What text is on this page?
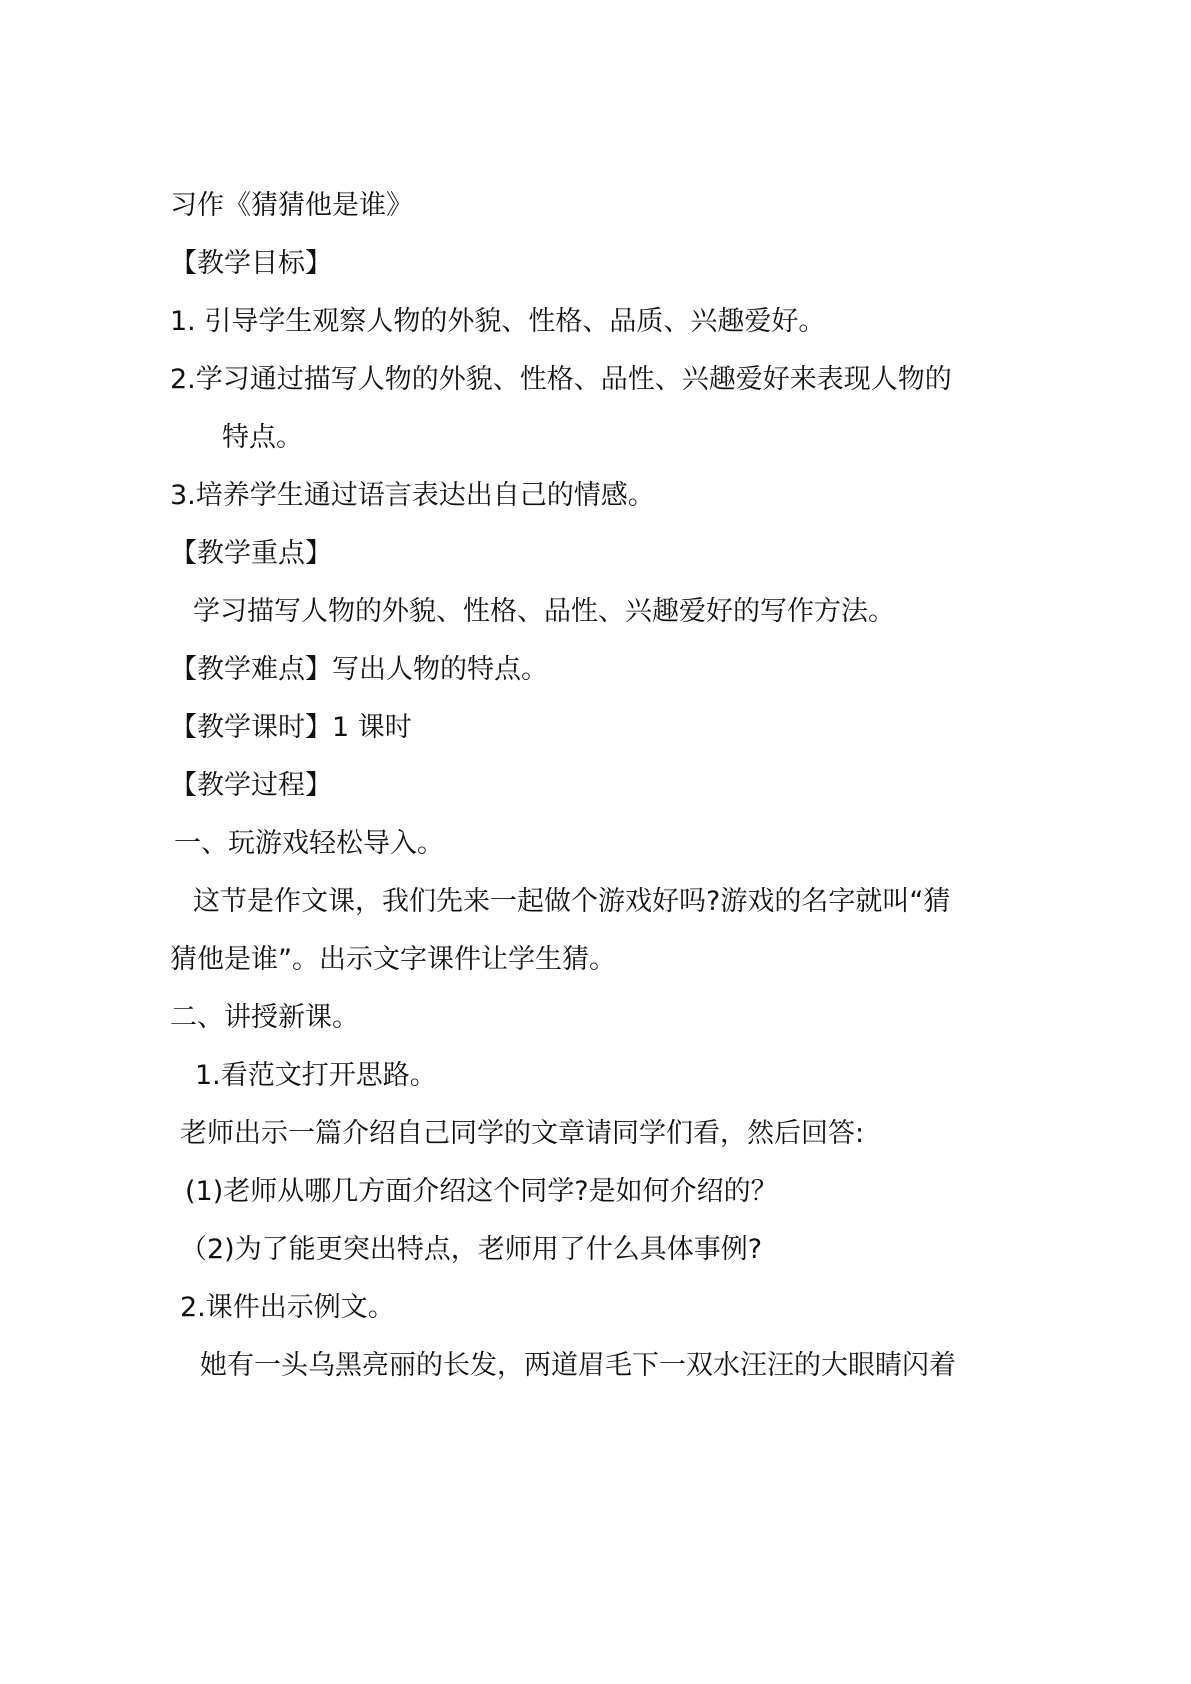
习作《猜猜他是谁》

【教学目标】

1. 引导学生观察人物的外貌、性格、品质、兴趣爱好。

2.学习通过描写人物的外貌、性格、品性、兴趣爱好来表现人物的

特点。

3.培养学生通过语言表达出自己的情感。

【教学重点】

学习描写人物的外貌、性格、品性、兴趣爱好的写作方法。

【教学难点】写出人物的特点。

【教学课时】1 课时

【教学过程】

一、玩游戏轻松导入。

这节是作文课，我们先来一起做个游戏好吗?游戏的名字就叫“猜

猜他是谁”。出示文字课件让学生猜。

二、讲授新课。

1.看范文打开思路。

老师出示一篇介绍自己同学的文章请同学们看，然后回答:

(1)老师从哪几方面介绍这个同学?是如何介绍的？

（2)为了能更突出特点，老师用了什么具体事例?

2.课件出示例文。

她有一头乌黑亮丽的长发，两道眉毛下一双水汪汪的大眼睛闪着
